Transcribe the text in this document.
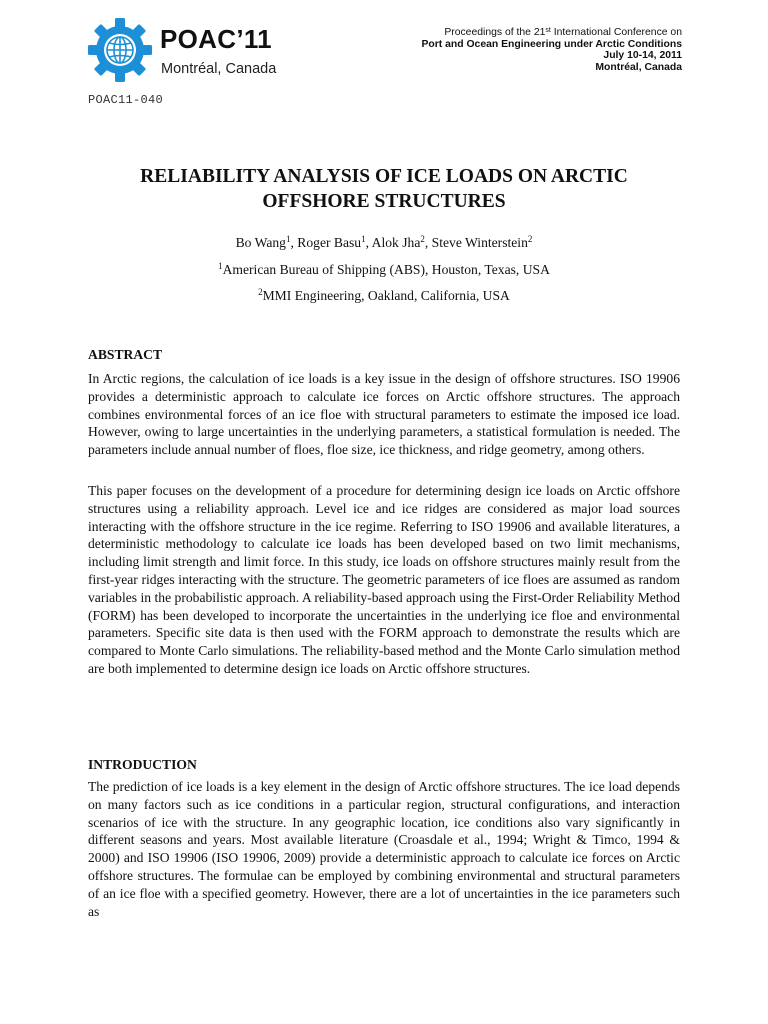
POAC’11
Montréal, Canada
Proceedings of the 21st International Conference on
Port and Ocean Engineering under Arctic Conditions
July 10-14, 2011
Montréal, Canada
POAC11-040
RELIABILITY ANALYSIS OF ICE LOADS ON ARCTIC
OFFSHORE STRUCTURES
Bo Wang$^1$, Roger Basu$^1$, Alok Jha$^2$, Steve Winterstein$^2$
$^1$American Bureau of Shipping (ABS), Houston, Texas, USA
$^2$MMI Engineering, Oakland, California, USA
ABSTRACT

In Arctic regions, the calculation of ice loads is a key issue in the design of offshore structures. ISO 19906 provides a deterministic approach to calculate ice forces on Arctic offshore structures. The approach combines environmental forces of an ice floe with structural parameters to estimate the imposed ice load. However, owing to large uncertainties in the underlying parameters, a statistical formulation is needed. The parameters include annual number of floes, floe size, ice thickness, and ridge geometry, among others.

This paper focuses on the development of a procedure for determining design ice loads on Arctic offshore structures using a reliability approach. Level ice and ice ridges are considered as major load sources interacting with the offshore structure in the ice regime. Referring to ISO 19906 and available literatures, a deterministic methodology to calculate ice loads has been developed based on two limit mechanisms, including limit strength and limit force. In this study, ice loads on offshore structures mainly result from the first-year ridges interacting with the structure. The geometric parameters of ice floes are assumed as random variables in the probabilistic approach. A reliability-based approach using the First-Order Reliability Method (FORM) has been developed to incorporate the uncertainties in the underlying ice floe and environmental parameters. Specific site data is then used with the FORM approach to demonstrate the results which are compared to Monte Carlo simulations. The reliability-based method and the Monte Carlo simulation method are both implemented to determine design ice loads on Arctic offshore structures.

INTRODUCTION

The prediction of ice loads is a key element in the design of Arctic offshore structures. The ice load depends on many factors such as ice conditions in a particular region, structural configurations, and interaction scenarios of ice with the structure. In any geographic location, ice conditions also vary significantly in different seasons and years. Most available literature (Croasdale et al., 1994; Wright & Timco, 1994 & 2000) and ISO 19906 (ISO 19906, 2009) provide a deterministic approach to calculate ice forces on Arctic offshore structures. The formulae can be employed by combining environmental and structural parameters of an ice floe with a specified geometry. However, there are a lot of uncertainties in the ice parameters such as
